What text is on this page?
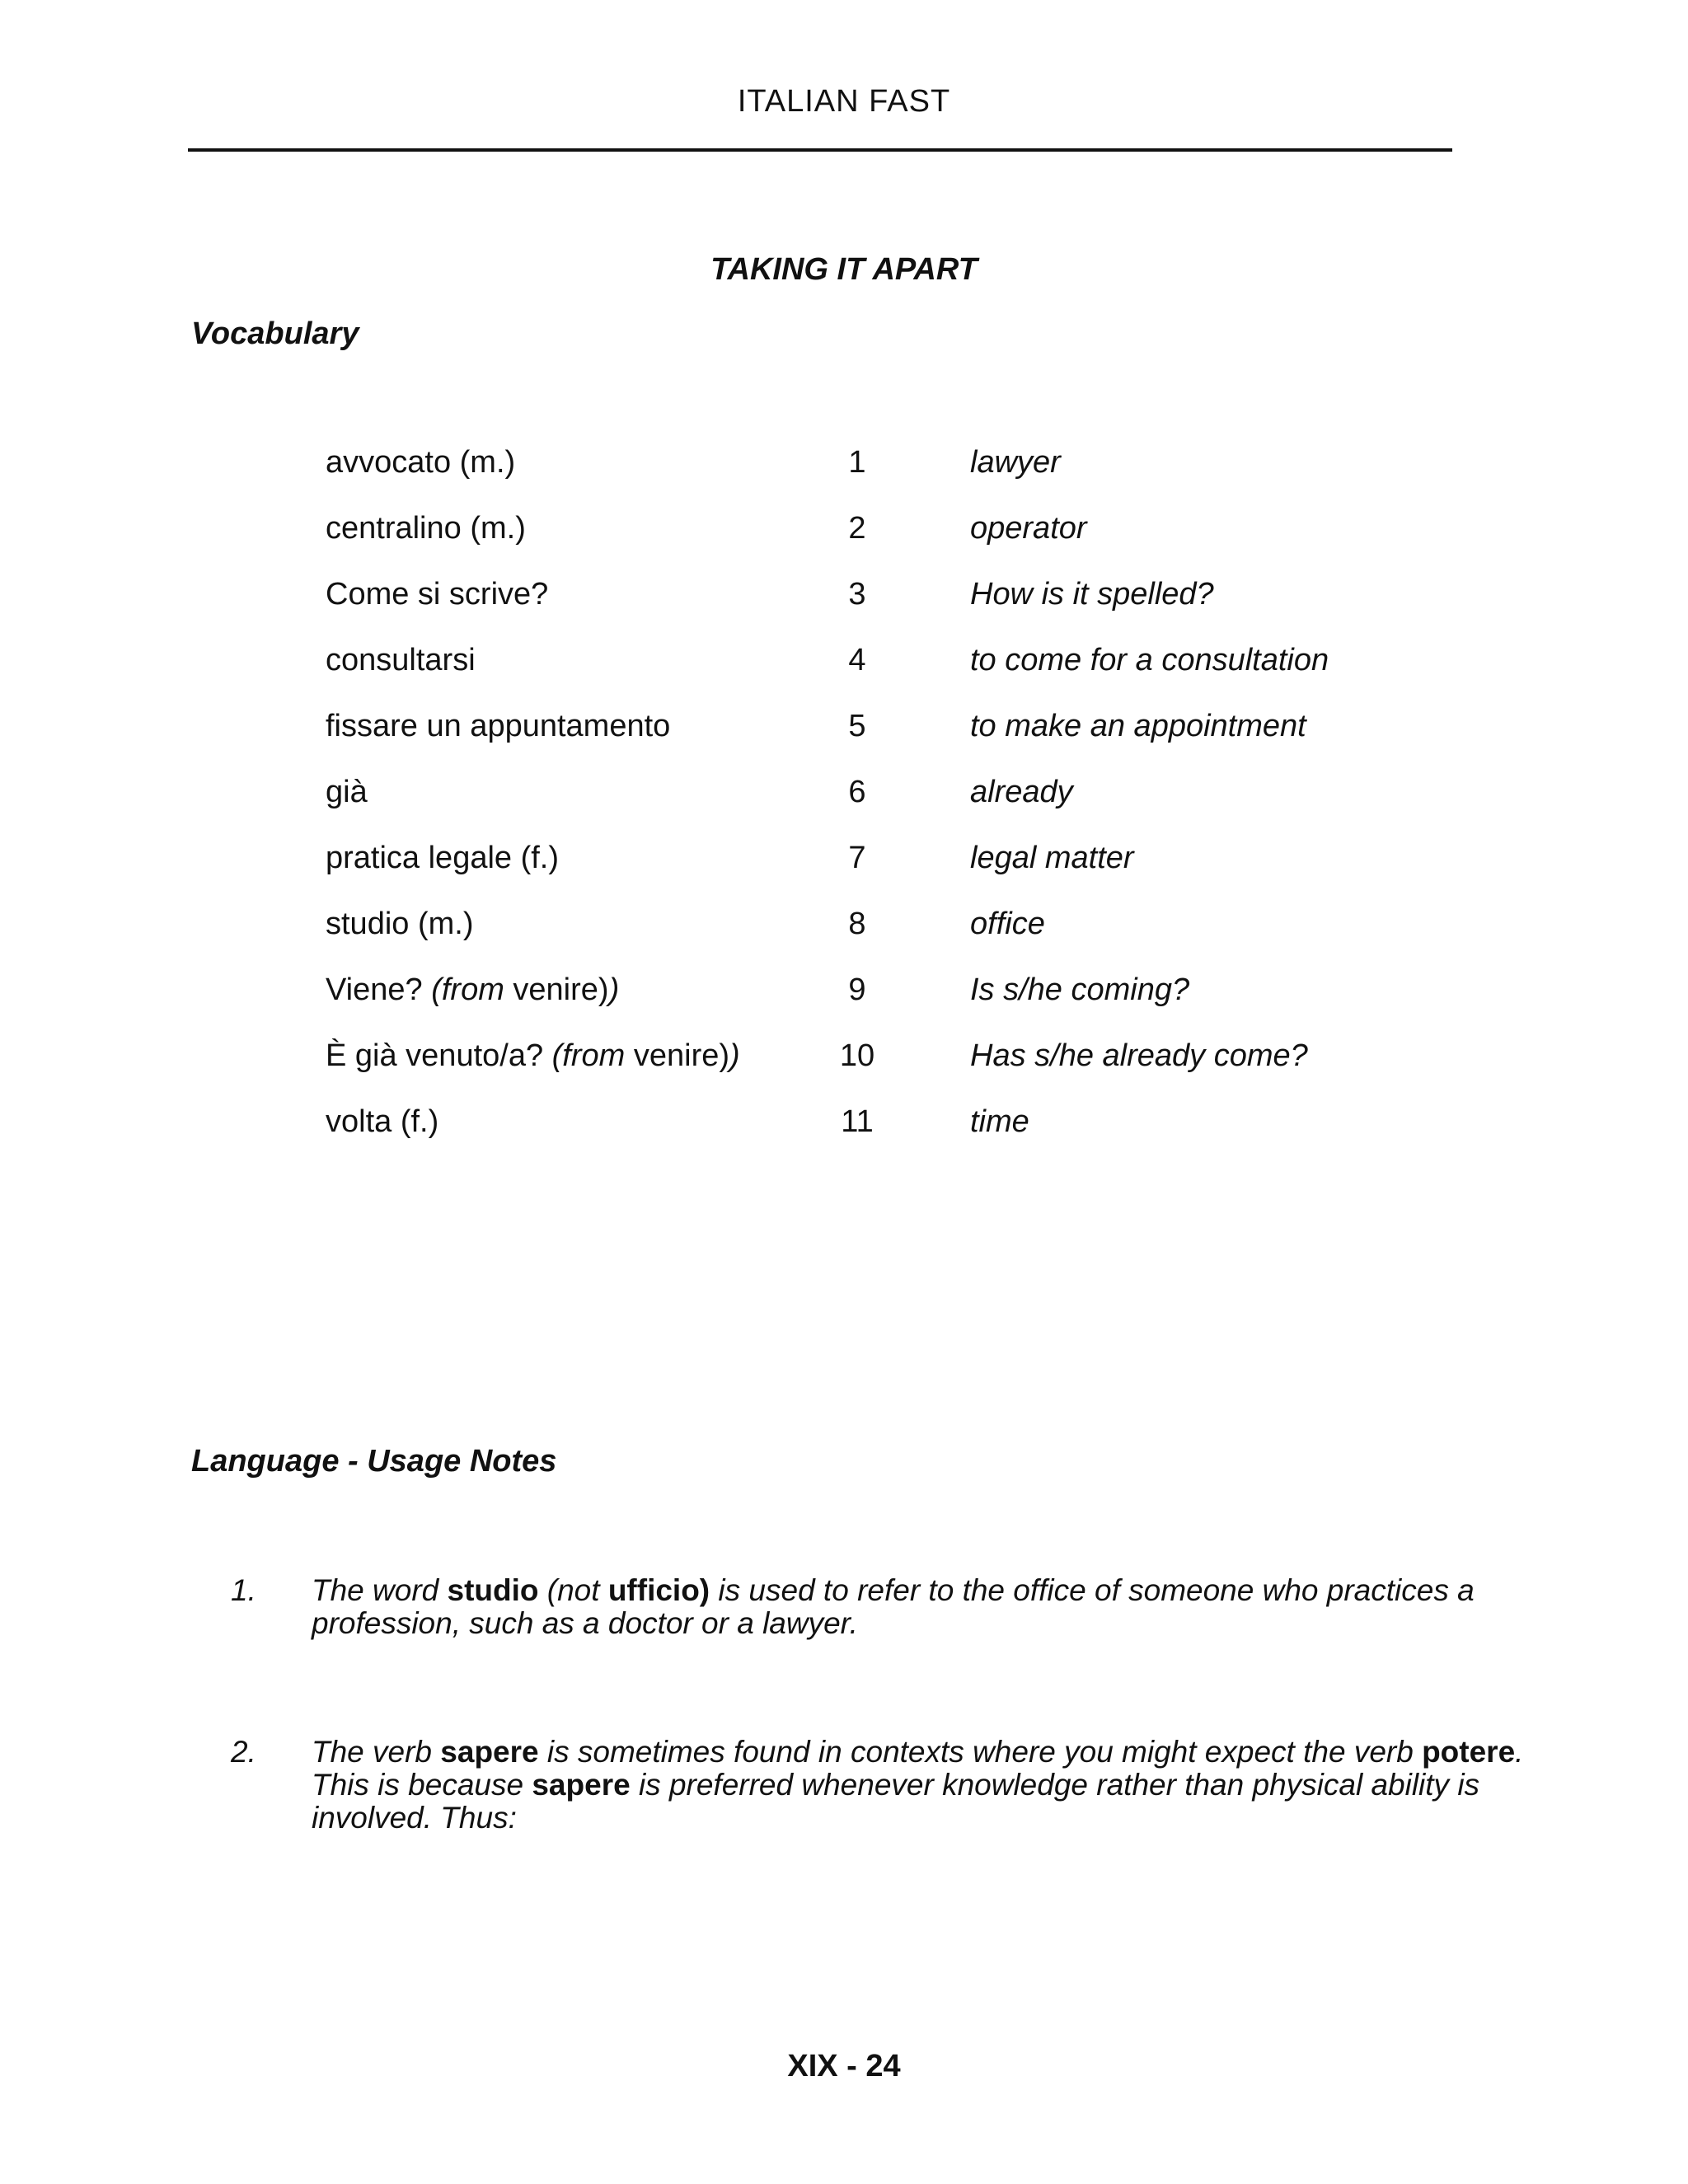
ITALIAN FAST
TAKING IT APART
Vocabulary
avvocato (m.)	1	lawyer
centralino (m.)	2	operator
Come si scrive?	3	How is it spelled?
consultarsi	4	to come for a consultation
fissare un appuntamento	5	to make an appointment
già	6	already
pratica legale (f.)	7	legal matter
studio (m.)	8	office
Viene? (from venire))	9	Is s/he coming?
È già venuto/a? (from venire))	10	Has s/he already come?
volta (f.)	11	time
Language - Usage Notes
1. The word studio (not ufficio) is used to refer to the office of someone who practices a profession, such as a doctor or a lawyer.
2. The verb sapere is sometimes found in contexts where you might expect the verb potere. This is because sapere is preferred whenever knowledge rather than physical ability is involved. Thus:
XIX - 24
